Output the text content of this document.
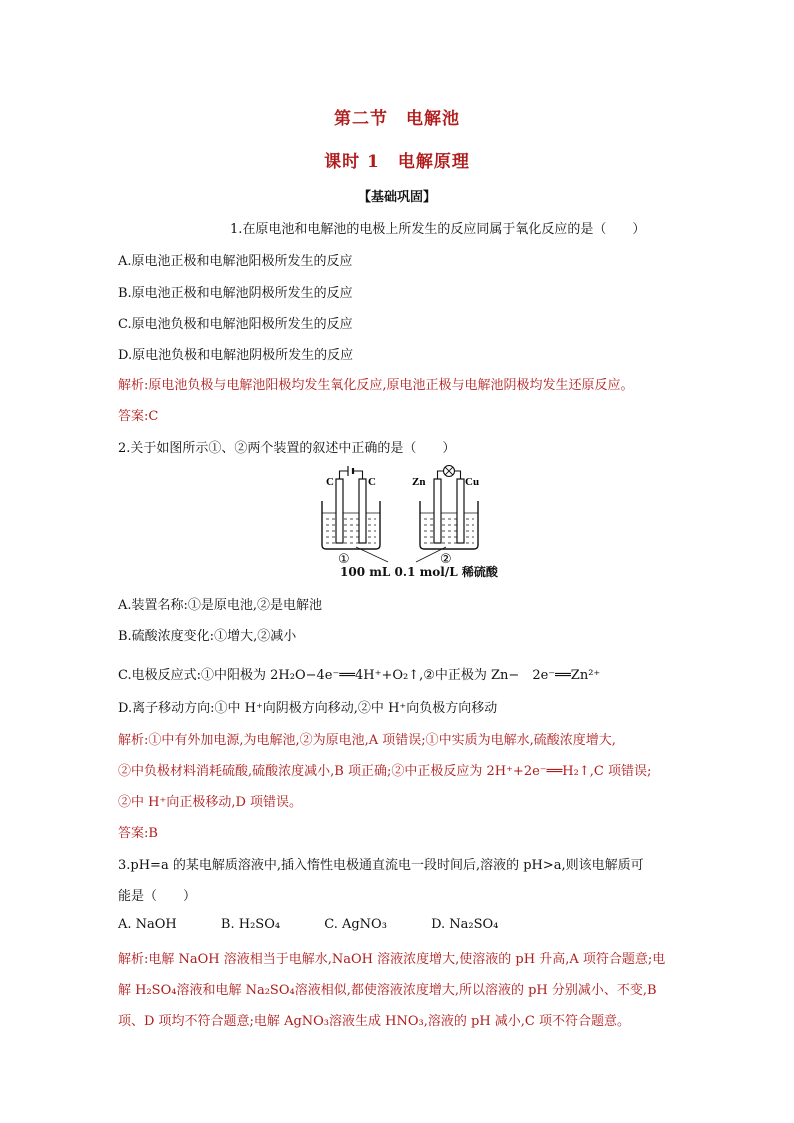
第二节　电解池
课时 1　电解原理
【基础巩固】
1.在原电池和电解池的电极上所发生的反应同属于氧化反应的是（　　）
A.原电池正极和电解池阳极所发生的反应
B.原电池正极和电解池阴极所发生的反应
C.原电池负极和电解池阳极所发生的反应
D.原电池负极和电解池阴极所发生的反应
解析:原电池负极与电解池阳极均发生氧化反应,原电池正极与电解池阴极均发生还原反应。
答案:C
2.关于如图所示①、②两个装置的叙述中正确的是（　　）
C	C
①
Zn	Cu
②
100 mL 0.1 mol/L 稀硫酸
A.装置名称:①是原电池,②是电解池
B.硫酸浓度变化:①增大,②减小
C.电极反应式:①中阳极为 2H₂O−4e⁻══4H⁺+O₂↑,②中正极为 Zn−　2e⁻══Zn²⁺
D.离子移动方向:①中 H⁺向阴极方向移动,②中 H⁺向负极方向移动
解析:①中有外加电源,为电解池,②为原电池,A 项错误;①中实质为电解水,硫酸浓度增大,
②中负极材料消耗硫酸,硫酸浓度减小,B 项正确;②中正极反应为 2H⁺+2e⁻══H₂↑,C 项错误;
②中 H⁺向正极移动,D 项错误。
答案:B
3.pH=a 的某电解质溶液中,插入惰性电极通直流电一段时间后,溶液的 pH>a,则该电解质可
能是（　　）
A. NaOH	B. H₂SO₄	C. AgNO₃	D. Na₂SO₄
解析:电解 NaOH 溶液相当于电解水,NaOH 溶液浓度增大,使溶液的 pH 升高,A 项符合题意;电
解 H₂SO₄溶液和电解 Na₂SO₄溶液相似,都使溶液浓度增大,所以溶液的 pH 分别减小、不变,B
项、D 项均不符合题意;电解 AgNO₃溶液生成 HNO₃,溶液的 pH 减小,C 项不符合题意。
